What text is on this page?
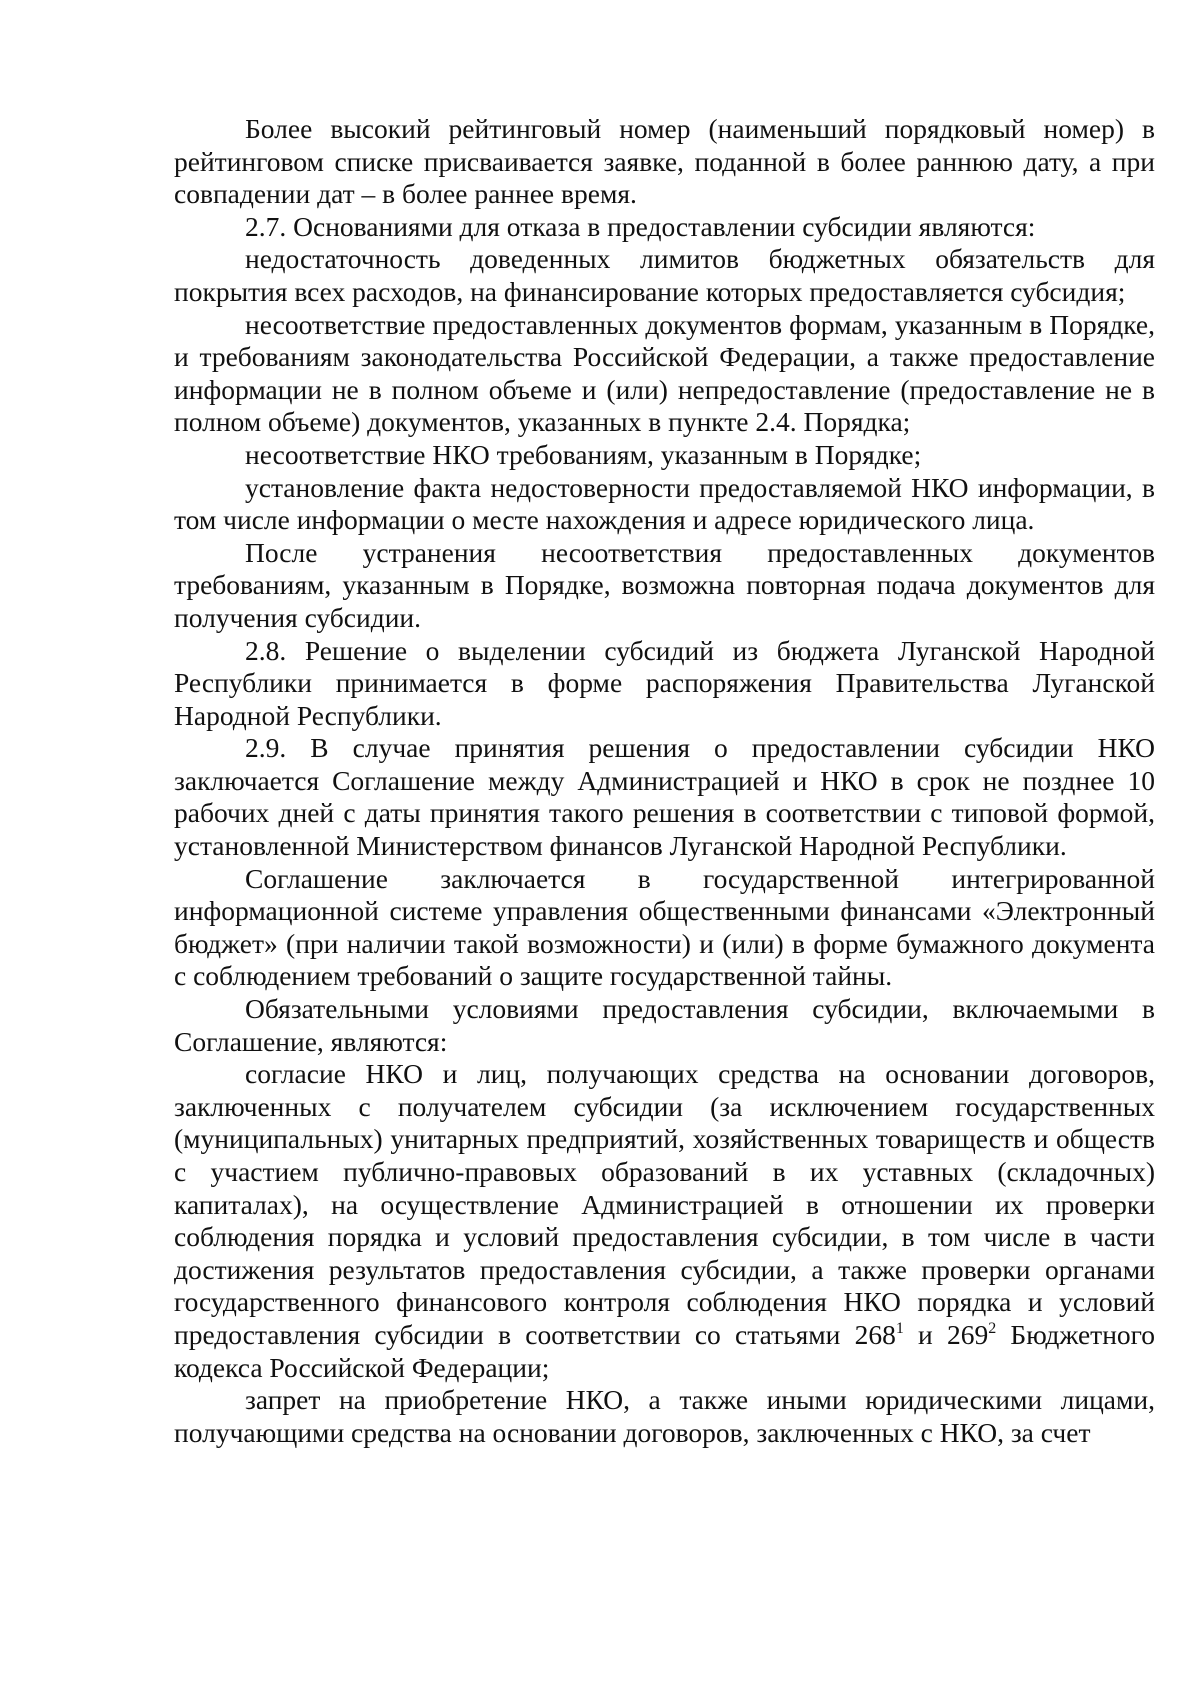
Более высокий рейтинговый номер (наименьший порядковый номер) в рейтинговом списке присваивается заявке, поданной в более раннюю дату, а при совпадении дат – в более раннее время.

2.7. Основаниями для отказа в предоставлении субсидии являются:

недостаточность доведенных лимитов бюджетных обязательств для покрытия всех расходов, на финансирование которых предоставляется субсидия;

несоответствие предоставленных документов формам, указанным в Порядке, и требованиям законодательства Российской Федерации, а также предоставление информации не в полном объеме и (или) непредоставление (предоставление не в полном объеме) документов, указанных в пункте 2.4. Порядка;

несоответствие НКО требованиям, указанным в Порядке;

установление факта недостоверности предоставляемой НКО информации, в том числе информации о месте нахождения и адресе юридического лица.

После устранения несоответствия предоставленных документов требованиям, указанным в Порядке, возможна повторная подача документов для получения субсидии.

2.8. Решение о выделении субсидий из бюджета Луганской Народной Республики принимается в форме распоряжения Правительства Луганской Народной Республики.

2.9. В случае принятия решения о предоставлении субсидии НКО заключается Соглашение между Администрацией и НКО в срок не позднее 10 рабочих дней с даты принятия такого решения в соответствии с типовой формой, установленной Министерством финансов Луганской Народной Республики.

Соглашение заключается в государственной интегрированной информационной системе управления общественными финансами «Электронный бюджет» (при наличии такой возможности) и (или) в форме бумажного документа с соблюдением требований о защите государственной тайны.

Обязательными условиями предоставления субсидии, включаемыми в Соглашение, являются:

согласие НКО и лиц, получающих средства на основании договоров, заключенных с получателем субсидии (за исключением государственных (муниципальных) унитарных предприятий, хозяйственных товариществ и обществ с участием публично-правовых образований в их уставных (складочных) капиталах), на осуществление Администрацией в отношении их проверки соблюдения порядка и условий предоставления субсидии, в том числе в части достижения результатов предоставления субсидии, а также проверки органами государственного финансового контроля соблюдения НКО порядка и условий предоставления субсидии в соответствии со статьями $268^1$ и $269^2$ Бюджетного кодекса Российской Федерации;

запрет на приобретение НКО, а также иными юридическими лицами, получающими средства на основании договоров, заключенных с НКО, за счет
